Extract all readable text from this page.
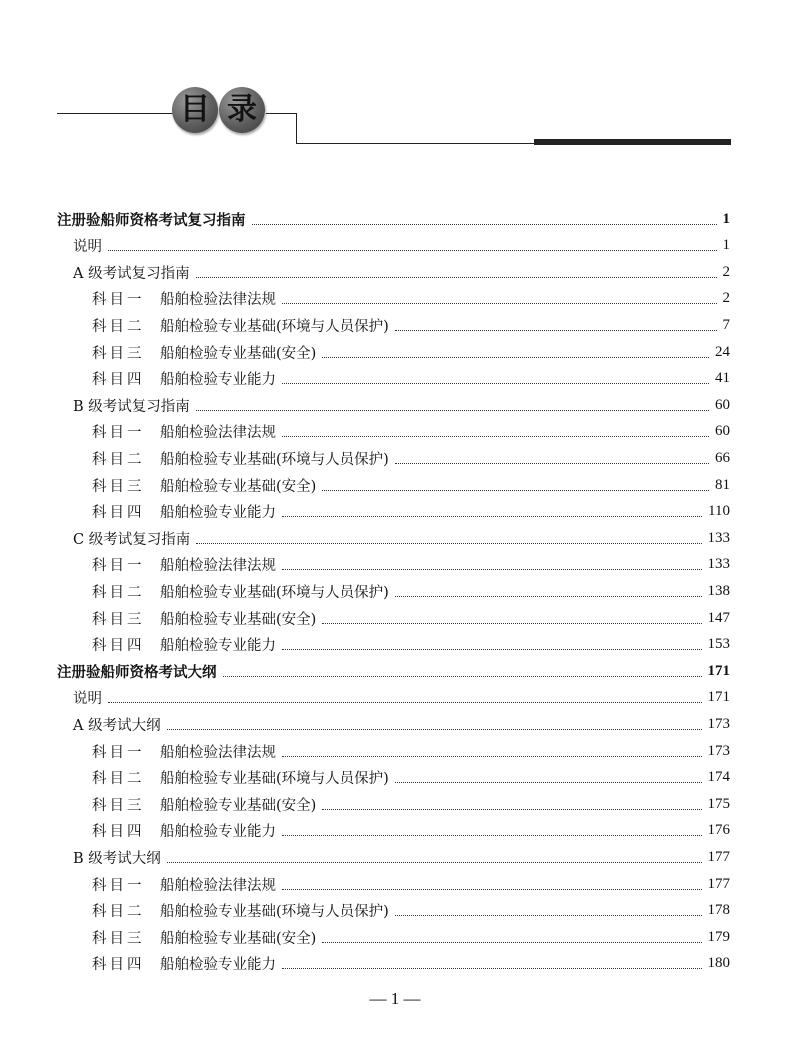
目 录
注册验船师资格考试复习指南	1
说明	1
A 级考试复习指南	2
科目一 船舶检验法律法规	2
科目二 船舶检验专业基础(环境与人员保护)	7
科目三 船舶检验专业基础(安全)	24
科目四 船舶检验专业能力	41
B 级考试复习指南	60
科目一 船舶检验法律法规	60
科目二 船舶检验专业基础(环境与人员保护)	66
科目三 船舶检验专业基础(安全)	81
科目四 船舶检验专业能力	110
C 级考试复习指南	133
科目一 船舶检验法律法规	133
科目二 船舶检验专业基础(环境与人员保护)	138
科目三 船舶检验专业基础(安全)	147
科目四 船舶检验专业能力	153
注册验船师资格考试大纲	171
说明	171
A 级考试大纲	173
科目一 船舶检验法律法规	173
科目二 船舶检验专业基础(环境与人员保护)	174
科目三 船舶检验专业基础(安全)	175
科目四 船舶检验专业能力	176
B 级考试大纲	177
科目一 船舶检验法律法规	177
科目二 船舶检验专业基础(环境与人员保护)	178
科目三 船舶检验专业基础(安全)	179
科目四 船舶检验专业能力	180
— 1 —
